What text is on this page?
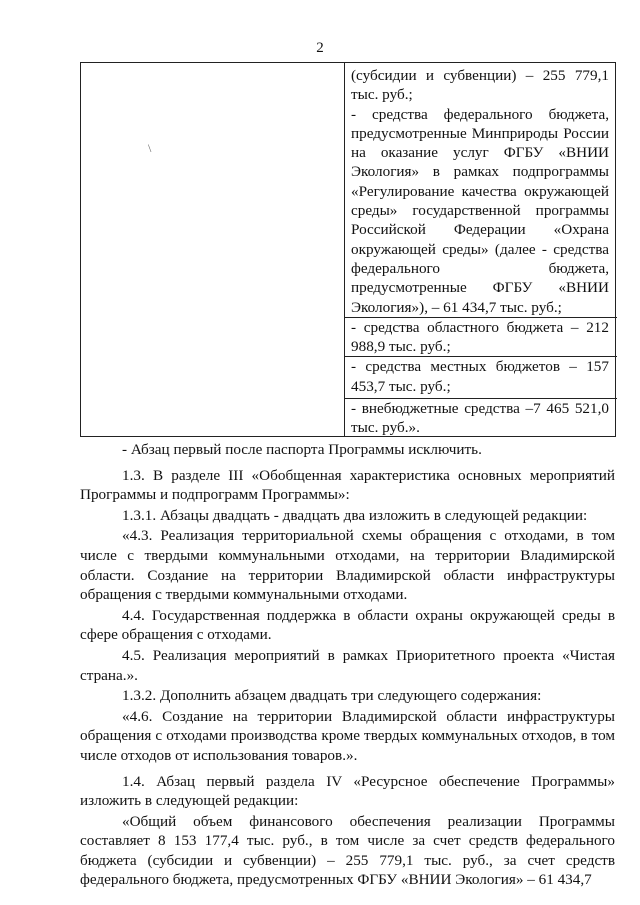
2
\

(субсидии и субвенции) – 255 779,1 тыс. руб.;

- средства федерального бюджета, предусмотренные Минприроды России на оказание услуг ФГБУ «ВНИИ Экология» в рамках подпрограммы «Регулирование качества окружающей среды» государственной программы Российской Федерации «Охрана окружающей среды» (далее - средства федерального бюджета, предусмотренные ФГБУ «ВНИИ Экология»), – 61 434,7 тыс. руб.;

- средства областного бюджета – 212 988,9 тыс. руб.;

- средства местных бюджетов – 157 453,7 тыс. руб.;

- внебюджетные средства –7 465 521,0 тыс. руб.».

- Абзац первый после паспорта Программы исключить.

1.3. В разделе III «Обобщенная характеристика основных мероприятий Программы и подпрограмм Программы»:

1.3.1. Абзацы двадцать - двадцать два изложить в следующей редакции:

«4.3. Реализация территориальной схемы обращения с отходами, в том числе с твердыми коммунальными отходами, на территории Владимирской области. Создание на территории Владимирской области инфраструктуры обращения с твердыми коммунальными отходами.

4.4. Государственная поддержка в области охраны окружающей среды в сфере обращения с отходами.

4.5. Реализация мероприятий в рамках Приоритетного проекта «Чистая страна.».

1.3.2. Дополнить абзацем двадцать три следующего содержания:

«4.6. Создание на территории Владимирской области инфраструктуры обращения с отходами производства кроме твердых коммунальных отходов, в том числе отходов от использования товаров.».

1.4. Абзац первый раздела IV «Ресурсное обеспечение Программы» изложить в следующей редакции:

«Общий объем финансового обеспечения реализации Программы составляет 8 153 177,4 тыс. руб., в том числе за счет средств федерального бюджета (субсидии и субвенции) – 255 779,1 тыс. руб., за счет средств федерального бюджета, предусмотренных ФГБУ «ВНИИ Экология» – 61 434,7
